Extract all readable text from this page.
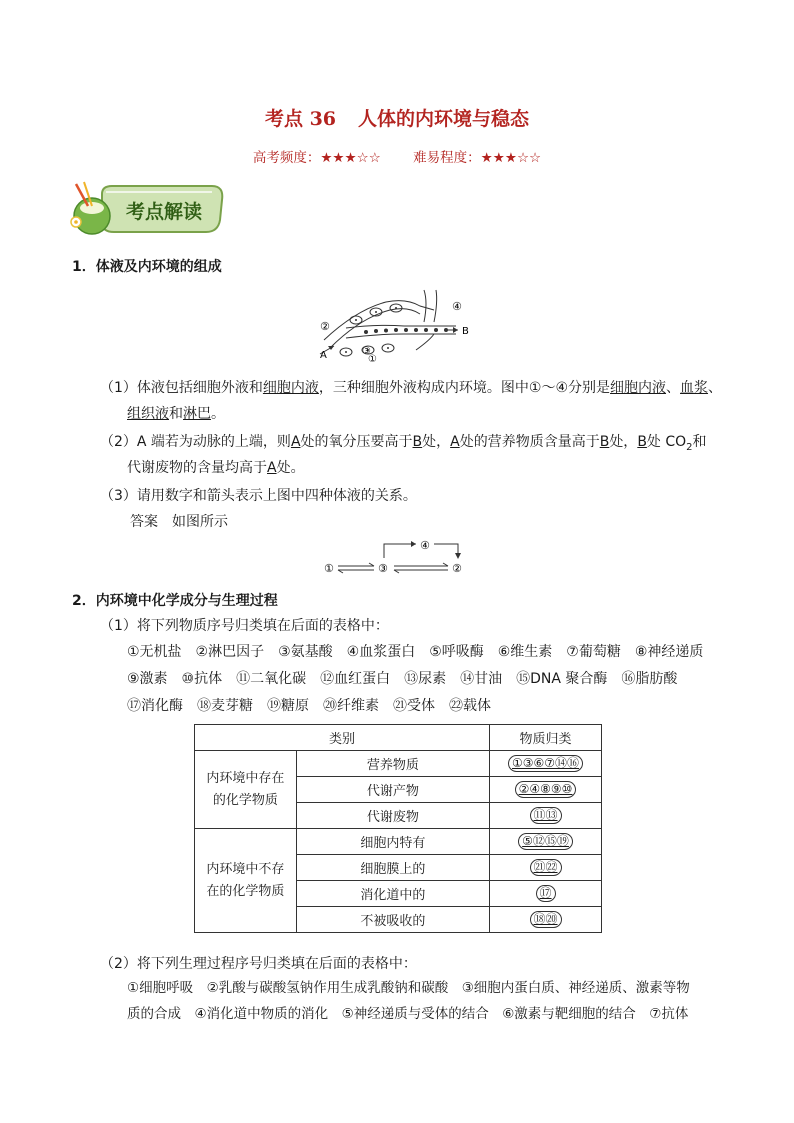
考点 36 人体的内环境与稳态
高考频度：★★★☆☆ 难易程度：★★★☆☆
考点解读
1．体液及内环境的组成
④
②
③
①
A
B
（1）体液包括细胞外液和细胞内液，三种细胞外液构成内环境。图中①～④分别是细胞内液、血浆、
组织液和淋巴。
（2）A 端若为动脉的上端，则A处的氧分压要高于B处，A处的营养物质含量高于B处，B处 $CO_2$和
代谢废物的含量均高于A处。
（3）请用数字和箭头表示上图中四种体液的关系。
答案　如图所示
①	③	②
④
2．内环境中化学成分与生理过程
（1）将下列物质序号归类填在后面的表格中：
①无机盐　②淋巴因子　③氨基酸　④血浆蛋白　⑤呼吸酶　⑥维生素　⑦葡萄糖　⑧神经递质
⑨激素　⑩抗体　⑪二氧化碳　⑫血红蛋白　⑬尿素　⑭甘油　⑮DNA 聚合酶　⑯脂肪酸
⑰消化酶　⑱麦芽糖　⑲糖原　⑳纤维素　㉑受体　㉒载体
类别		物质归类
内环境中存在的化学物质	营养物质	①③⑥⑦⑭⑯
	代谢产物	②④⑧⑨⑩
	代谢废物	⑪⑬
内环境中不存在的化学物质	细胞内特有	⑤⑫⑮⑲
	细胞膜上的	㉑㉒
	消化道中的	⑰
	不被吸收的	⑱⑳
（2）将下列生理过程序号归类填在后面的表格中：
①细胞呼吸　②乳酸与碳酸氢钠作用生成乳酸钠和碳酸　③细胞内蛋白质、神经递质、激素等物
质的合成　④消化道中物质的消化　⑤神经递质与受体的结合　⑥激素与靶细胞的结合　⑦抗体
